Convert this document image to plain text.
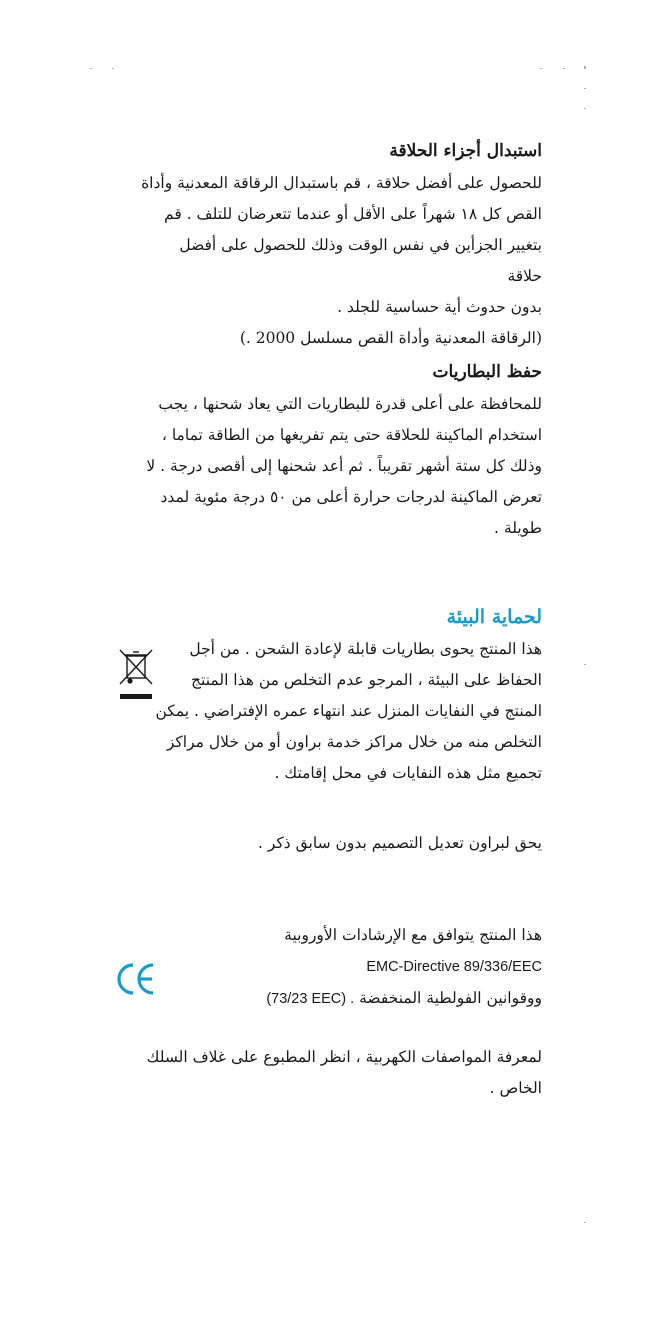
استبدال أجزاء الحلاقة

للحصول على أفضل حلاقة ، قم باستبدال الرقاقة المعدنية وأداة

القص كل ١٨ شهراً على الأقل أو عندما تتعرضان للتلف . قم

بتغيير الجزأين في نفس الوقت وذلك للحصول على أفضل حلاقة

بدون حدوث أية حساسية للجلد .

(الرقاقة المعدنية وأداة القص مسلسل 2000 .)

حفظ البطاريات

للمحافظة على أعلى قدرة للبطاريات التي يعاد شحنها ، يجب

استخدام الماكينة للحلاقة حتى يتم تفريغها من الطاقة تماما ،

وذلك كل ستة أشهر تقريباً . ثم أعد شحنها إلى أقصى درجة . لا

تعرض الماكينة لدرجات حرارة أعلى من ٥٠ درجة مئوية لمدد

طويلة .

لحماية البيئة

هذا المنتج يحوى بطاريات قابلة لإعادة الشحن . من أجل

الحفاظ على البيئة ، المرجو عدم التخلص من هذا المنتج

المنتج في النفايات المنزل عند انتهاء عمره الإفتراضي . يمكن

التخلص منه من خلال مراكز خدمة براون أو من خلال مراكز

تجميع مثل هذه النفايات في محل إقامتك .

يحق لبراون تعديل التصميم بدون سابق ذكر .

هذا المنتج يتوافق مع الإرشادات الأوروبية

EMC-Directive 89/336/EEC

ووقوانين الفولطية المنخفضة (73/23 EEC) .

CE

لمعرفة المواصفات الكهربية ، انظر المطبوع على غلاف السلك

الخاص .
